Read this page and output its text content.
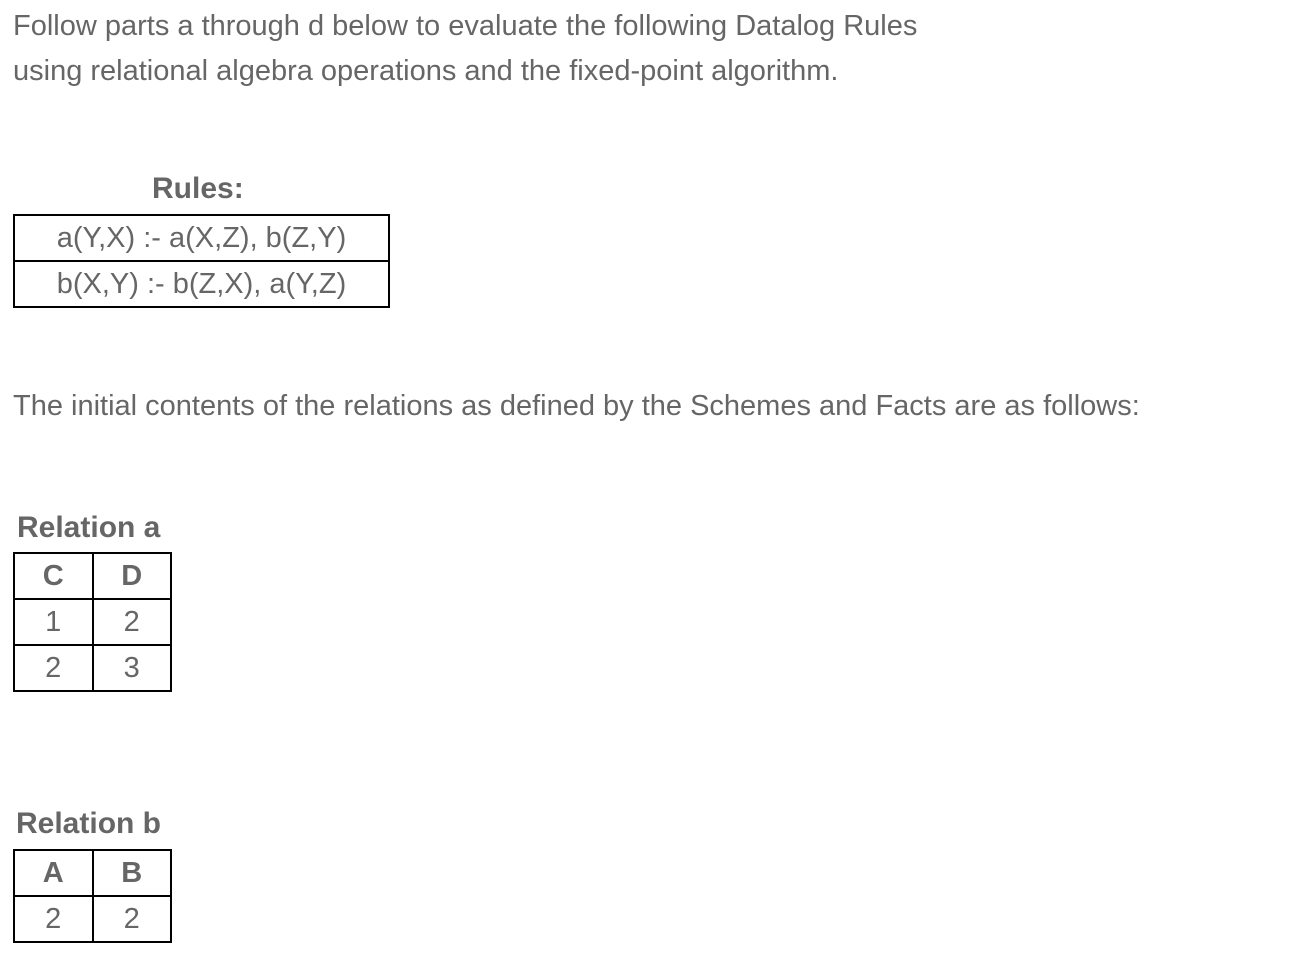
Follow parts a through d below to evaluate the following Datalog Rules
using relational algebra operations and the fixed-point algorithm.

Rules:
a(Y,X) :- a(X,Z), b(Z,Y)
b(X,Y) :- b(Z,X), a(Y,Z)

The initial contents of the relations as defined by the Schemes and Facts are as follows:

Relation a
C	D
1	2
2	3
Relation b
A	B
2	2
